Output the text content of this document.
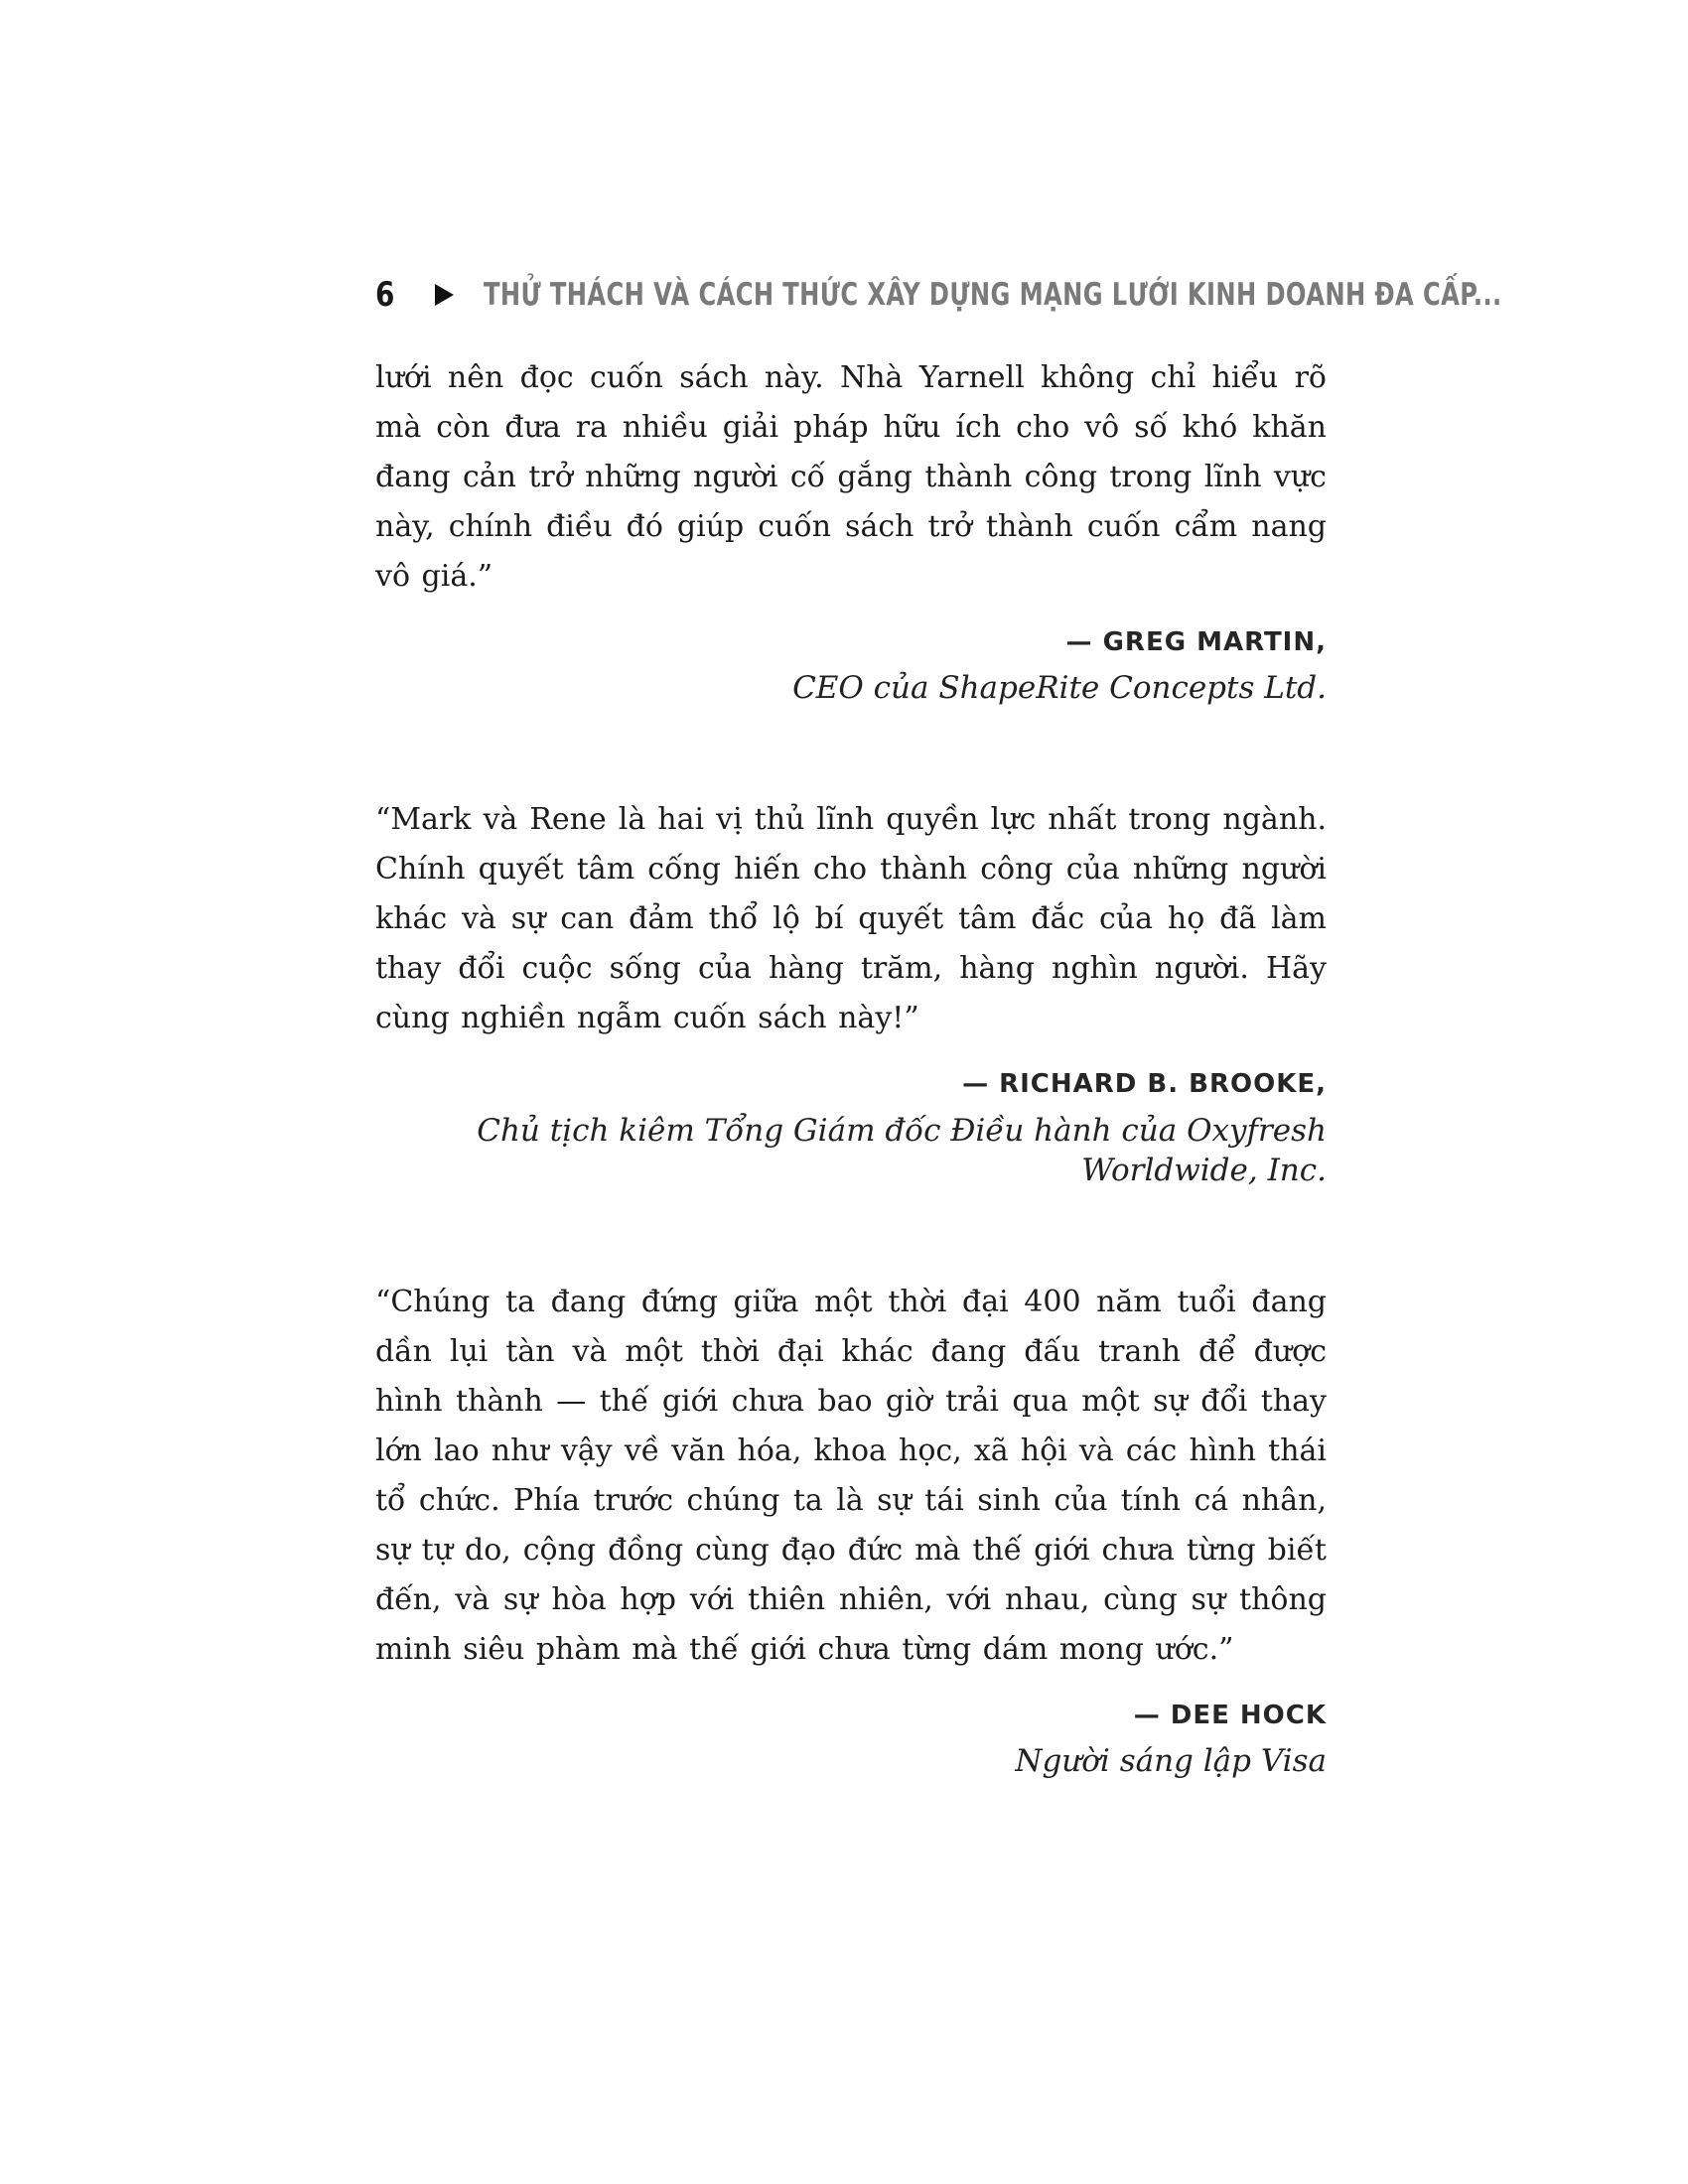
6	THỬ THÁCH VÀ CÁCH THỨC XÂY DỰNG MẠNG LƯỚI KINH DOANH ĐA CẤP...

lưới nên đọc cuốn sách này. Nhà Yarnell không chỉ hiểu rõ mà còn đưa ra nhiều giải pháp hữu ích cho vô số khó khăn đang cản trở những người cố gắng thành công trong lĩnh vực này, chính điều đó giúp cuốn sách trở thành cuốn cẩm nang vô giá.”

— GREG MARTIN,

CEO của ShapeRite Concepts Ltd.

“Mark và Rene là hai vị thủ lĩnh quyền lực nhất trong ngành. Chính quyết tâm cống hiến cho thành công của những người khác và sự can đảm thổ lộ bí quyết tâm đắc của họ đã làm thay đổi cuộc sống của hàng trăm, hàng nghìn người. Hãy cùng nghiền ngẫm cuốn sách này!”

— RICHARD B. BROOKE,

Chủ tịch kiêm Tổng Giám đốc Điều hành của Oxyfresh Worldwide, Inc.

“Chúng ta đang đứng giữa một thời đại 400 năm tuổi đang dần lụi tàn và một thời đại khác đang đấu tranh để được hình thành — thế giới chưa bao giờ trải qua một sự đổi thay lớn lao như vậy về văn hóa, khoa học, xã hội và các hình thái tổ chức. Phía trước chúng ta là sự tái sinh của tính cá nhân, sự tự do, cộng đồng cùng đạo đức mà thế giới chưa từng biết đến, và sự hòa hợp với thiên nhiên, với nhau, cùng sự thông minh siêu phàm mà thế giới chưa từng dám mong ước.”

— DEE HOCK

Người sáng lập Visa
